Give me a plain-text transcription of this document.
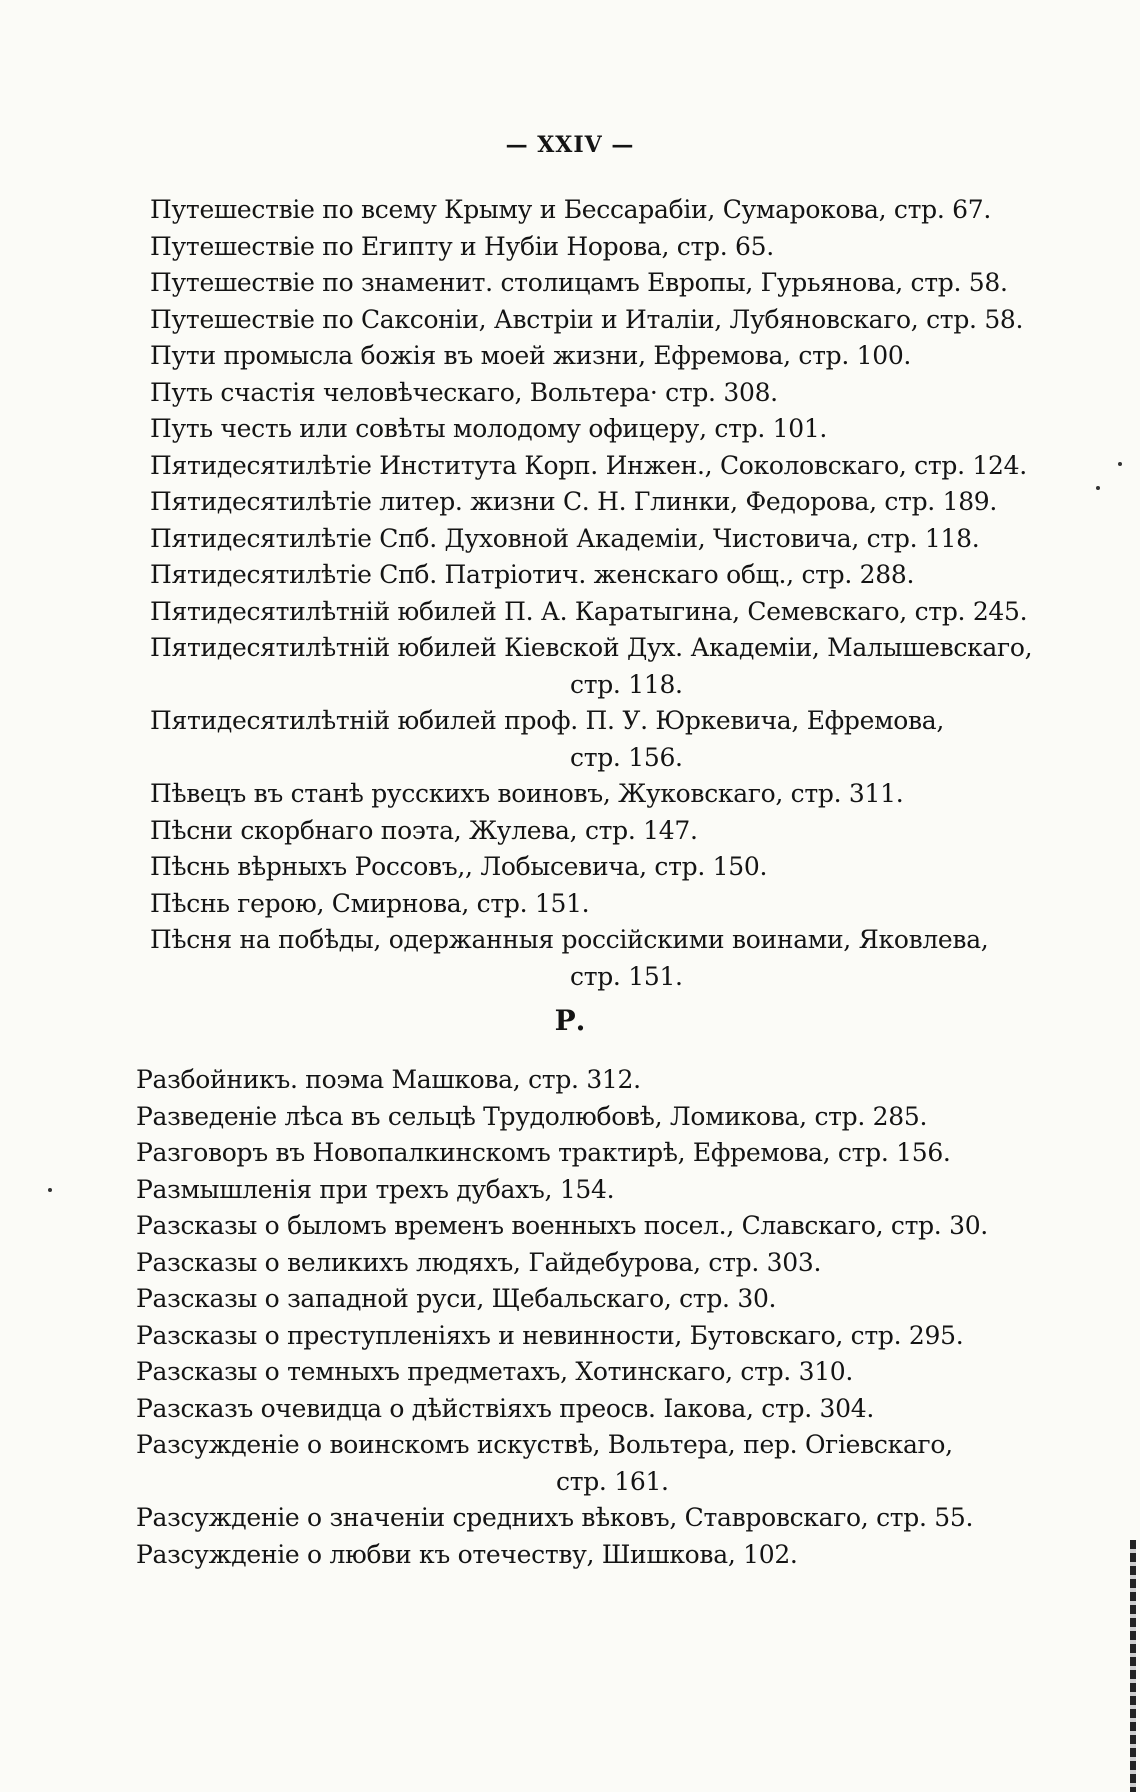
— XXIV —
Путешествіе по всему Крыму и Бессарабіи, Сумарокова, стр. 67.
Путешествіе по Египту и Нубіи Норова, стр. 65.
Путешествіе по знаменит. столицамъ Европы, Гурьянова, стр. 58.
Путешествіе по Саксоніи, Австріи и Италіи, Лубяновскаго, стр. 58.
Пути промысла божія въ моей жизни, Ефремова, стр. 100.
Путь счастія человѣческаго, Вольтера· стр. 308.
Путь честь или совѣты молодому офицеру, стр. 101.
Пятидесятилѣтіе Института Корп. Инжен., Соколовскаго, стр. 124.
Пятидесятилѣтіе литер. жизни С. Н. Глинки, Федорова, стр. 189.
Пятидесятилѣтіе Спб. Духовной Академіи, Чистовича, стр. 118.
Пятидесятилѣтіе Спб. Патріотич. женскаго общ., стр. 288.
Пятидесятилѣтній юбилей П. А. Каратыгина, Семевскаго, стр. 245.
Пятидесятилѣтній юбилей Кіевской Дух. Академіи, Малышевскаго,
стр. 118.
Пятидесятилѣтній юбилей проф. П. У. Юркевича, Ефремова,
стр. 156.
Пѣвецъ въ станѣ русскихъ воиновъ, Жуковскаго, стр. 311.
Пѣсни скорбнаго поэта, Жулева, стр. 147.
Пѣснь вѣрныхъ Россовъ,, Лобысевича, стр. 150.
Пѣснь герою, Смирнова, стр. 151.
Пѣсня на побѣды, одержанныя россійскими воинами, Яковлева,
стр. 151.
Р.
Разбойникъ. поэма Машкова, стр. 312.
Разведеніе лѣса въ сельцѣ Трудолюбовѣ, Ломикова, стр. 285.
Разговоръ въ Новопалкинскомъ трактирѣ, Ефремова, стр. 156.
Размышленія при трехъ дубахъ, 154.
Разсказы о быломъ временъ военныхъ посел., Славскаго, стр. 30.
Разсказы о великихъ людяхъ, Гайдебурова, стр. 303.
Разсказы о западной руси, Щебальскаго, стр. 30.
Разсказы о преступленіяхъ и невинности, Бутовскаго, стр. 295.
Разсказы о темныхъ предметахъ, Хотинскаго, стр. 310.
Разсказъ очевидца о дѣйствіяхъ преосв. Іакова, стр. 304.
Разсужденіе о воинскомъ искуствѣ, Вольтера, пер. Огіевскаго,
стр. 161.
Разсужденіе о значеніи среднихъ вѣковъ, Ставровскаго, стр. 55.
Разсужденіе о любви къ отечеству, Шишкова, 102.
